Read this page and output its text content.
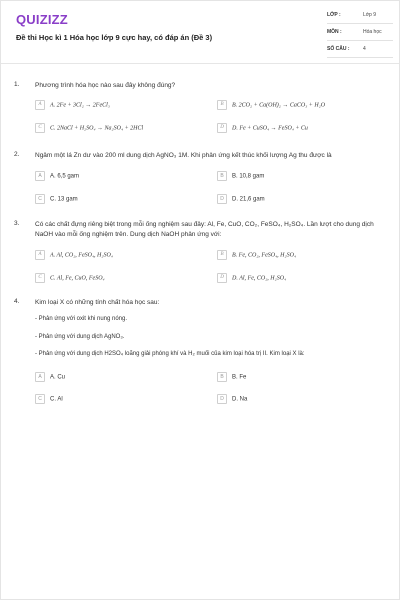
QUIZIZZ
Đề thi Học kì 1 Hóa học lớp 9 cực hay, có đáp án (Đề 3)
LỚP :	Lớp 9
MÔN :	Hóa học
SỐ CÂU :	4
1. Phương trình hóa học nào sau đây không đúng?
A A. 2Fe + 3Cl₂ → 2FeCl₃	B B. 2CO₂ + Ca(OH)₂ → CaCO₃ + H₂O
C C. 2NaCl + H₂SO₄ → Na₂SO₄ + 2HCl	D D. Fe + CuSO₄ → FeSO₄ + Cu
2. Ngâm một lá Zn dư vào 200 ml dung dịch AgNO₃ 1M. Khi phản ứng kết thúc khối lượng Ag thu được là
A A. 6,5 gam	B B. 10,8 gam
C C. 13 gam	D D. 21,6 gam
3. Có các chất đựng riêng biệt trong mỗi ống nghiệm sau đây: Al, Fe, CuO, CO₂, FeSO₄, H₂SO₄. Lần lượt cho dung dịch NaOH vào mỗi ống nghiệm trên. Dung dịch NaOH phản ứng với:
A A. Al, CO₂, FeSO₄, H₂SO₄	B B. Fe, CO₂, FeSO₄, H₂SO₄
C C. Al, Fe, CuO, FeSO₄	D D. Al, Fe, CO₂, H₂SO₄
4. Kim loại X có những tính chất hóa học sau:
- Phản ứng với oxit khi nung nóng.
- Phản ứng với dung dịch AgNO₃.
- Phản ứng với dung dịch H2SO₄ loãng giải phóng khí và H₂ muối của kim loại hóa trị II. Kim loại X là:
A A. Cu	B B. Fe
C C. Al	D D. Na
